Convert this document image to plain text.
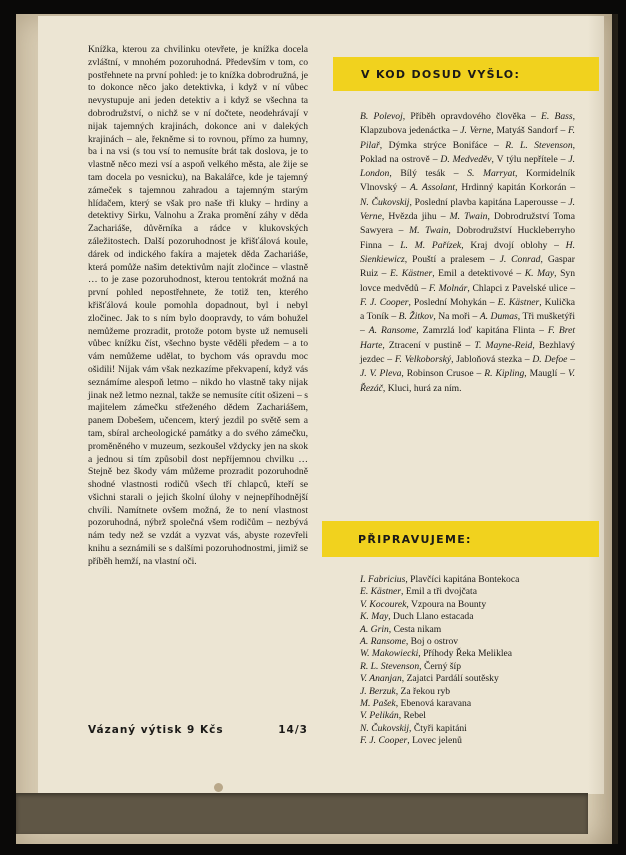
Knížka, kterou za chvilinku otevřete, je knížka docela zvláštní, v mnohém pozoruhodná. Především v tom, co postřehnete na první pohled: je to knížka dobrodružná, je to dokonce něco jako detektivka, i když v ní vůbec nevystupuje ani jeden detektiv a i když se všechna ta dobrodružství, o nichž se v ní dočtete, neodehrávají v nijak tajemných krajinách, dokonce ani v dalekých krajinách – ale, řekněme si to rovnou, přímo za humny, ba i na vsi (s tou vsí to nemusíte brát tak doslova, je to vlastně něco mezi vsí a aspoň velkého města, ale žije se tam docela po vesnicku), na Bakalářce, kde je tajemný zámeček s tajemnou zahradou a tajemným starým hlídačem, který se však pro naše tři kluky – hrdiny a detektivy Sirku, Valnohu a Zraka promění záhy v děda Zachariáše, důvěrníka a rádce v klukovských záležitostech. Další pozoruhodnost je křišťálová koule, dárek od indického fakíra a majetek děda Zachariáše, která pomůže našim detektivům najít zločince – vlastně … to je zase pozoruhodnost, kterou tentokrát možná na první pohled nepostřehnete, že totiž ten, kterého křišťálová koule pomohla dopadnout, byl i nebyl zločinec. Jak to s ním bylo doopravdy, to vám bohužel nemůžeme prozradit, protože potom byste už nemuseli vůbec knížku číst, všechno byste věděli předem – a to vám nemůžeme udělat, to bychom vás opravdu moc ošidili! Nijak vám však nezkazíme překvapení, když vás seznámíme alespoň letmo – nikdo ho vlastně taky nijak jinak než letmo neznal, takže se nemusíte cítit ošizeni – s majitelem zámečku střeženého dědem Zachariášem, panem Dobešem, učencem, který jezdil po světě sem a tam, sbíral archeologické památky a do svého zámečku, proměněného v muzeum, sezkoušel vždycky jen na skok a jednou si tím způsobil dost nepříjemnou chvilku … Stejně bez škody vám můžeme prozradit pozoruhodně shodné vlastnosti rodičů všech tří chlapců, kteří se všichni starali o jejich školní úlohy v nejnepříhodnější chvíli. Namítnete ovšem možná, že to není vlastnost pozoruhodná, nýbrž společná všem rodičům – nezbývá nám tedy než se vzdát a vyzvat vás, abyste rozevřeli knihu a seznámili se s dalšími pozoruhodnostmi, jimiž se příběh hemží, na vlastní oči.

Vázaný výtisk 9 Kčs	14/3
V KOD DOSUD VYŠLO:

B. Polevoj, Příběh opravdového člověka – E. Bass, Klapzubova jedenáctka – J. Verne, Matyáš Sandorf – F. Pilař, Dýmka strýce Bonifáce – R. L. Stevenson, Poklad na ostrově – D. Medveděv, V týlu nepřítele – J. London, Bílý tesák – S. Marryat, Kormidelník Vlnovský – A. Assolant, Hrdinný kapitán Korkorán – N. Čukovskij, Poslední plavba kapitána Laperousse – J. Verne, Hvězda jihu – M. Twain, Dobrodružství Toma Sawyera – M. Twain, Dobrodružství Huckleberryho Finna – L. M. Pařízek, Kraj dvojí oblohy – H. Sienkiewicz, Pouští a pralesem – J. Conrad, Gaspar Ruiz – E. Kästner, Emil a detektivové – K. May, Syn lovce medvědů – F. Molnár, Chlapci z Pavelské ulice – F. J. Cooper, Poslední Mohykán – E. Kästner, Kulička a Toník – B. Žitkov, Na moři – A. Dumas, Tři mušketýři – A. Ransome, Zamrzlá loď kapitána Flinta – F. Bret Harte, Ztracení v pustině – T. Mayne-Reid, Bezhlavý jezdec – F. Velkoborský, Jabloňová stezka – D. Defoe – J. V. Pleva, Robinson Crusoe – R. Kipling, Mauglí – V. Řezáč, Kluci, hurá za ním.

PŘIPRAVUJEME:
I. Fabricius, Plavčíci kapitána Bontekoca
E. Kästner, Emil a tři dvojčata
V. Kocourek, Vzpoura na Bounty
K. May, Duch Llano estacada
A. Grin, Cesta nikam
A. Ransome, Boj o ostrov
W. Makowiecki, Příhody Řeka Meliklea
R. L. Stevenson, Černý šíp
V. Ananjan, Zajatci Pardálí soutěsky
J. Berzuk, Za řekou ryb
M. Pašek, Ebenová karavana
V. Pelikán, Rebel
N. Čukovskij, Čtyři kapitáni
F. J. Cooper, Lovec jelenů
